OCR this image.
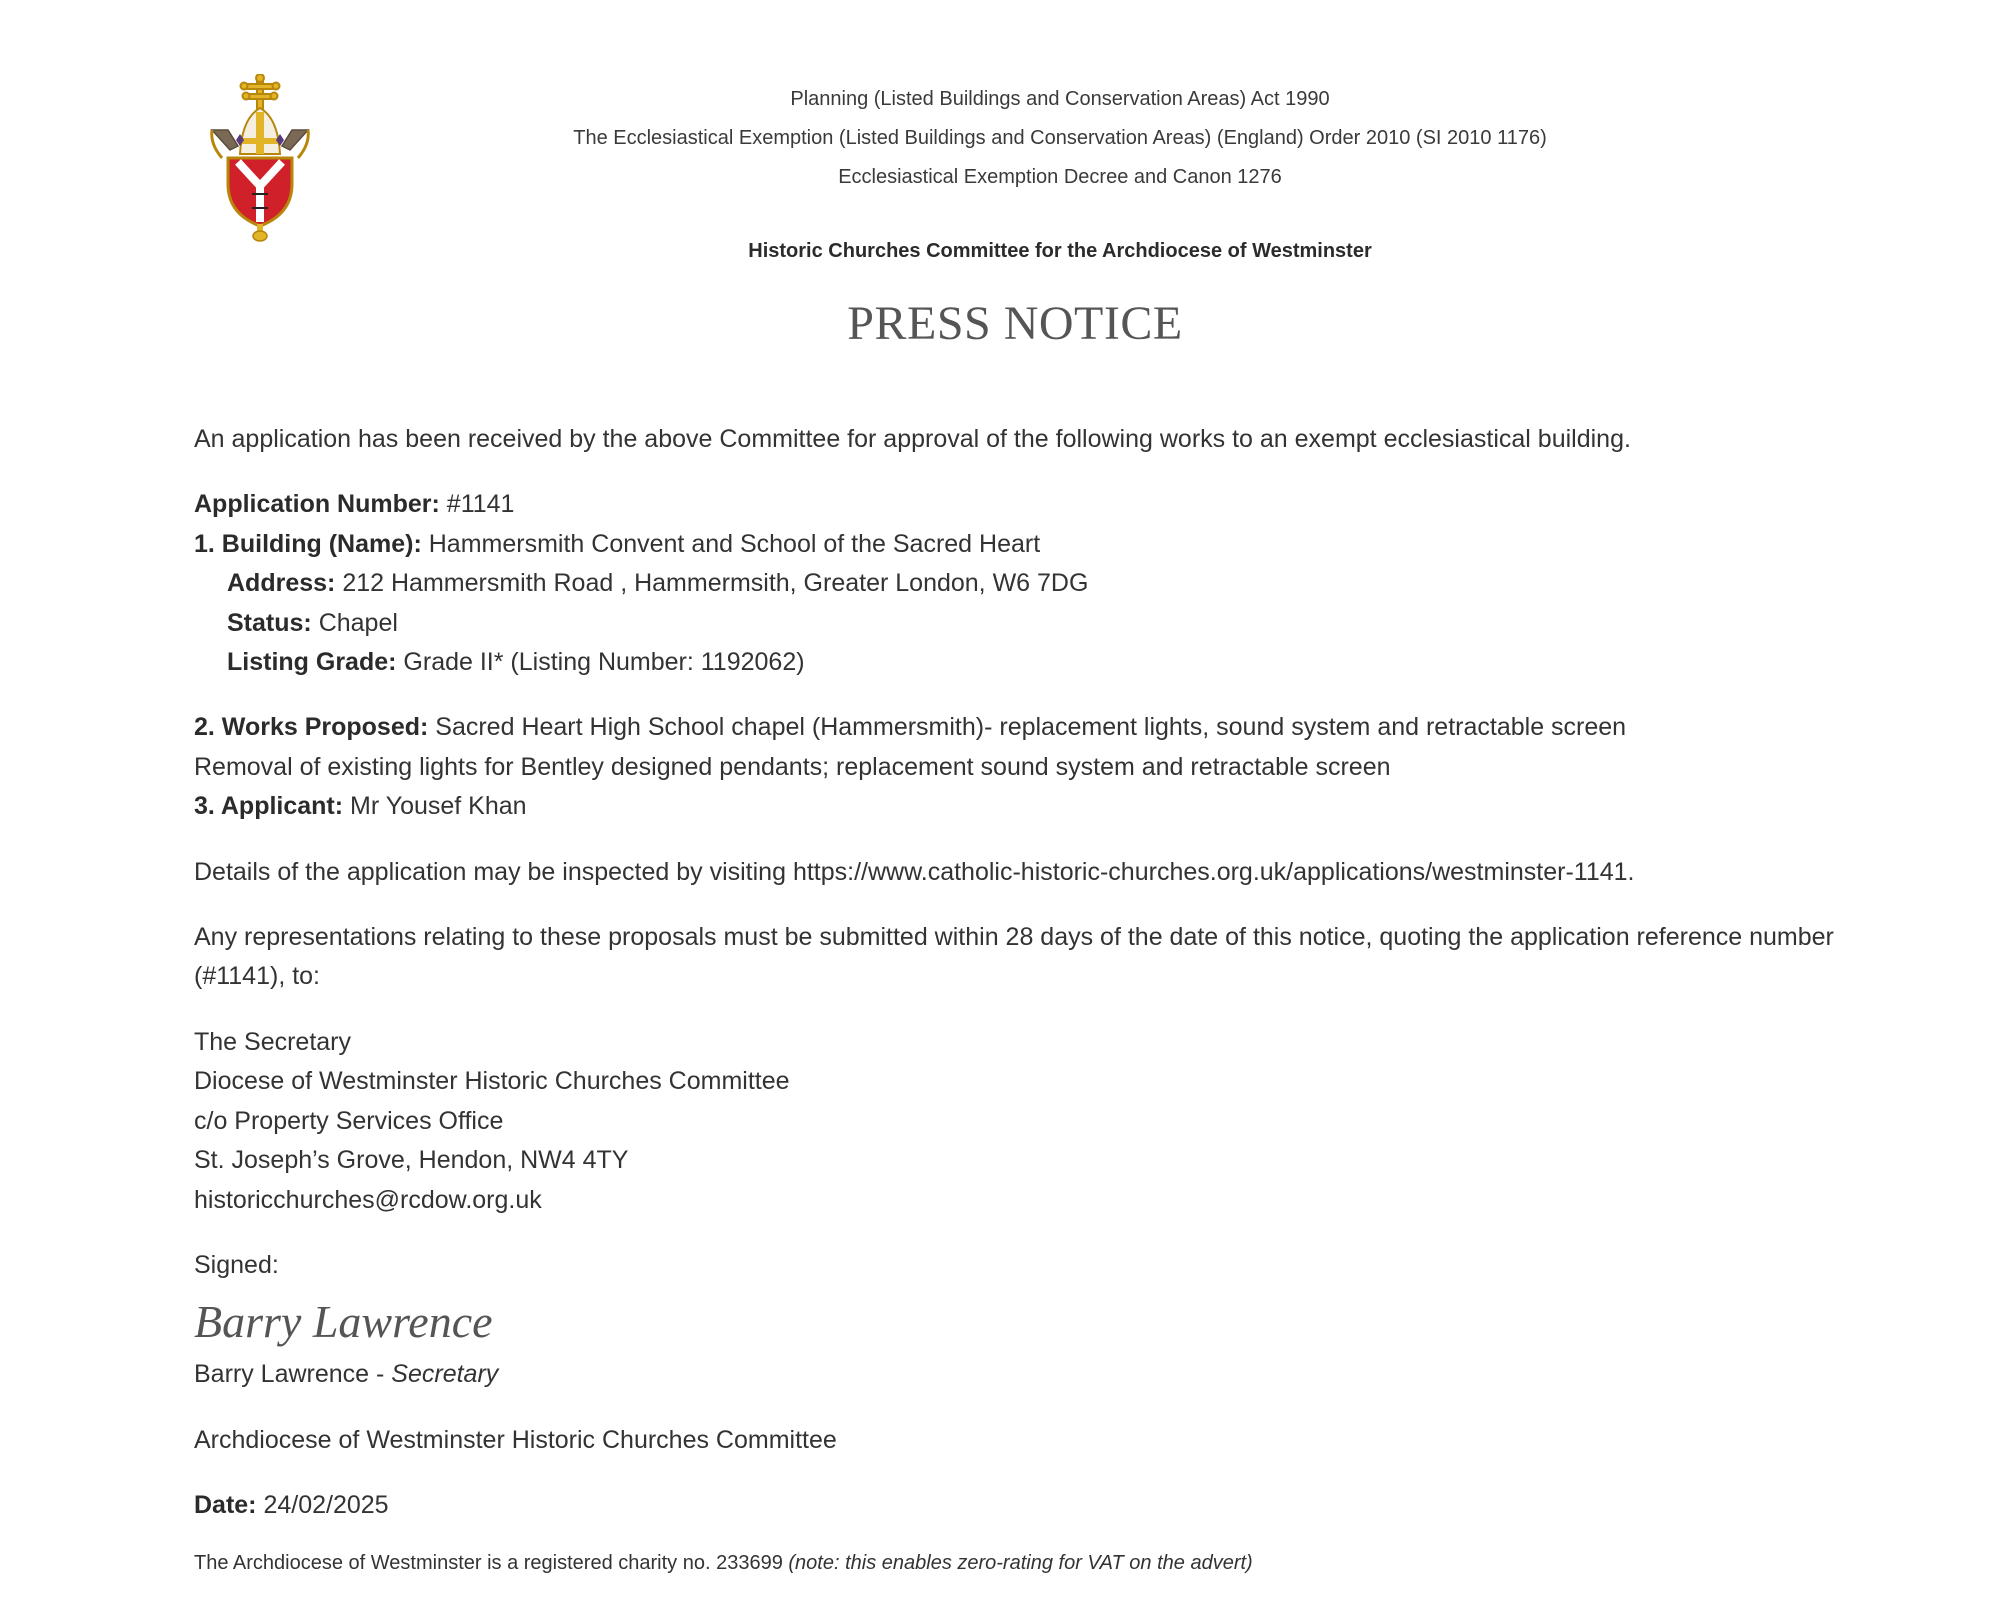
Planning (Listed Buildings and Conservation Areas) Act 1990
The Ecclesiastical Exemption (Listed Buildings and Conservation Areas) (England) Order 2010 (SI 2010 1176)
Ecclesiastical Exemption Decree and Canon 1276
Historic Churches Committee for the Archdiocese of Westminster
PRESS NOTICE

An application has been received by the above Committee for approval of the following works to an exempt ecclesiastical building.

Application Number: #1141

1. Building (Name): Hammersmith Convent and School of the Sacred Heart

Address: 212 Hammersmith Road , Hammermsith, Greater London, W6 7DG

Status: Chapel

Listing Grade: Grade II* (Listing Number: 1192062)

2. Works Proposed: Sacred Heart High School chapel (Hammersmith)- replacement lights, sound system and retractable screen

Removal of existing lights for Bentley designed pendants; replacement sound system and retractable screen

3. Applicant: Mr Yousef Khan

Details of the application may be inspected by visiting https://www.catholic-historic-churches.org.uk/applications/westminster-1141.

Any representations relating to these proposals must be submitted within 28 days of the date of this notice, quoting the application reference number (#1141), to:

The Secretary

Diocese of Westminster Historic Churches Committee

c/o Property Services Office

St. Joseph’s Grove, Hendon, NW4 4TY

historicchurches@rcdow.org.uk

Signed:

Barry Lawrence

Barry Lawrence - Secretary

Archdiocese of Westminster Historic Churches Committee

Date: 24/02/2025

The Archdiocese of Westminster is a registered charity no. 233699 (note: this enables zero-rating for VAT on the advert)
